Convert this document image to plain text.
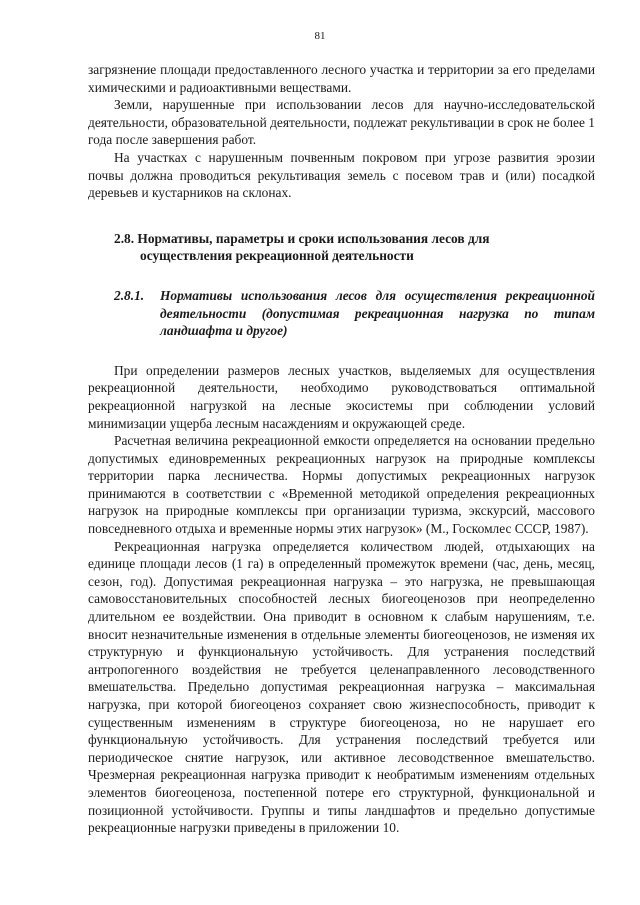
81

загрязнение площади предоставленного лесного участка и территории за его пределами химическими и радиоактивными веществами.

Земли, нарушенные при использовании лесов для научно-исследовательской деятельности, образовательной деятельности, подлежат рекультивации в срок не более 1 года после завершения работ.

На участках с нарушенным почвенным покровом при угрозе развития эрозии почвы должна проводиться рекультивация земель с посевом трав и (или) посадкой деревьев и кустарников на склонах.

2.8. Нормативы, параметры и сроки использования лесов для
осуществления рекреационной деятельности
2.8.1. Нормативы использования лесов для осуществления рекреационной деятельности (допустимая рекреационная нагрузка по типам ландшафта и другое)

При определении размеров лесных участков, выделяемых для осуществления рекреационной деятельности, необходимо руководствоваться оптимальной рекреационной нагрузкой на лесные экосистемы при соблюдении условий минимизации ущерба лесным насаждениям и окружающей среде.

Расчетная величина рекреационной емкости определяется на основании предельно допустимых единовременных рекреационных нагрузок на природные комплексы территории парка лесничества. Нормы допустимых рекреационных нагрузок принимаются в соответствии с «Временной методикой определения рекреационных нагрузок на природные комплексы при организации туризма, экскурсий, массового повседневного отдыха и временные нормы этих нагрузок» (М., Госкомлес СССР, 1987).

Рекреационная нагрузка определяется количеством людей, отдыхающих на единице площади лесов (1 га) в определенный промежуток времени (час, день, месяц, сезон, год). Допустимая рекреационная нагрузка – это нагрузка, не превышающая самовосстановительных способностей лесных биогеоценозов при неопределенно длительном ее воздействии. Она приводит в основном к слабым нарушениям, т.е. вносит незначительные изменения в отдельные элементы биогеоценозов, не изменяя их структурную и функциональную устойчивость. Для устранения последствий антропогенного воздействия не требуется целенаправленного лесоводственного вмешательства. Предельно допустимая рекреационная нагрузка – максимальная нагрузка, при которой биогеоценоз сохраняет свою жизнеспособность, приводит к существенным изменениям в структуре биогеоценоза, но не нарушает его функциональную устойчивость. Для устранения последствий требуется или периодическое снятие нагрузок, или активное лесоводственное вмешательство. Чрезмерная рекреационная нагрузка приводит к необратимым изменениям отдельных элементов биогеоценоза, постепенной потере его структурной, функциональной и позиционной устойчивости. Группы и типы ландшафтов и предельно допустимые рекреационные нагрузки приведены в приложении 10.
